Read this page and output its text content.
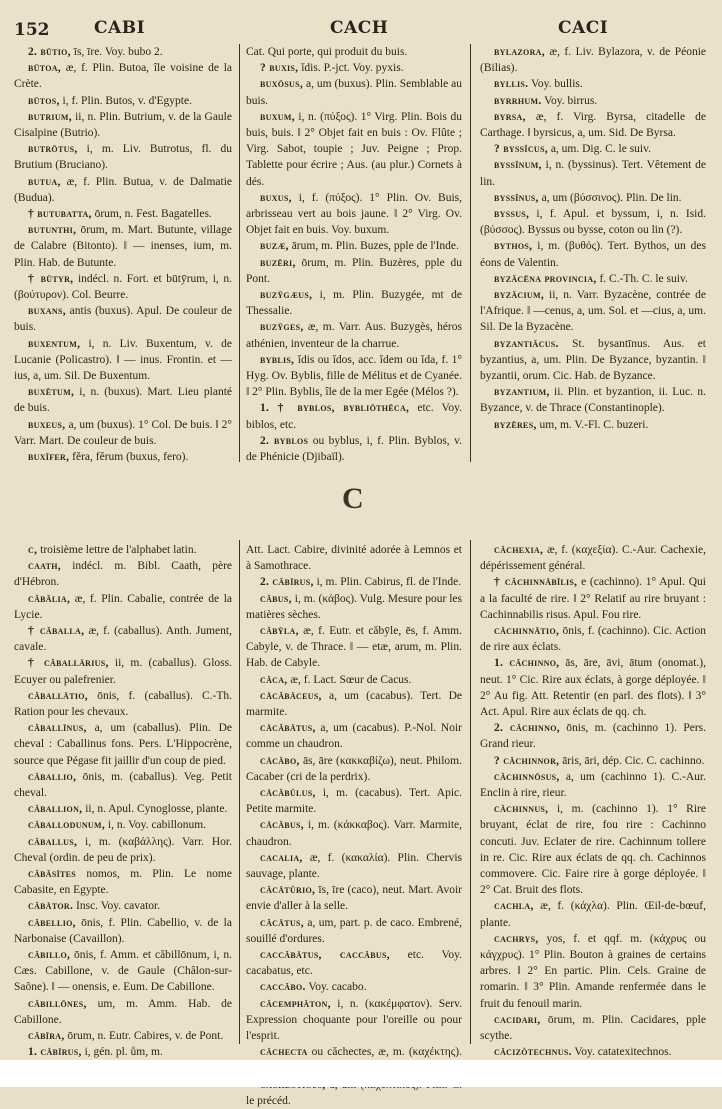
152	CABI	CACH	CACI

2. būtio, īs, īre. Voy. bubo 2.

būtoa, æ, f. Plin. Butoa, île voisine de la Crète.

būtos, i, f. Plin. Butos, v. d'Egypte.

butrium, ii, n. Plin. Butrium, v. de la Gaule Cisalpine (Butrio).

butrōtus, i, m. Liv. Butrotus, fl. du Brutium (Bruciano).

butua, æ, f. Plin. Butua, v. de Dalmatie (Budua).

† butubatta, ōrum, n. Fest. Bagatelles.

butunthi, ōrum, m. Mart. Butunte, village de Calabre (Bitonto). ‖ — inenses, ium, m. Plin. Hab. de Butunte.

† būtyr, indécl. n. Fort. et būtȳrum, i, n. (βούτυρον). Col. Beurre.

buxans, antis (buxus). Apul. De couleur de buis.

buxentum, i, n. Liv. Buxentum, v. de Lucanie (Policastro). ‖ — inus. Frontin. et — ius, a, um. Sil. De Buxentum.

buxētum, i, n. (buxus). Mart. Lieu planté de buis.

buxeus, a, um (buxus). 1° Col. De buis. ‖ 2° Varr. Mart. De couleur de buis.

buxĭfer, fĕra, fĕrum (buxus, fero).

Cat. Qui porte, qui produit du buis.

? buxis, ĭdis. P.-jct. Voy. pyxis.

buxōsus, a, um (buxus). Plin. Semblable au buis.

buxum, i, n. (πύξος). 1° Virg. Plin. Bois du buis, buis. ‖ 2° Objet fait en buis : Ov. Flûte ; Virg. Sabot, toupie ; Juv. Peigne ; Prop. Tablette pour écrire ; Aus. (au plur.) Cornets à dés.

buxus, i, f. (πύξος). 1° Plin. Ov. Buis, arbrisseau vert au bois jaune. ‖ 2° Virg. Ov. Objet fait en buis. Voy. buxum.

buzæ, ārum, m. Plin. Buzes, pple de l'Inde.

buzēri, ōrum, m. Plin. Buzères, pple du Pont.

buzȳgæus, i, m. Plin. Buzygée, mt de Thessalie.

buzȳges, æ, m. Varr. Aus. Buzygès, héros athénien, inventeur de la charrue.

byblis, ĭdis ou ĭdos, acc. ĭdem ou ĭda, f. 1° Hyg. Ov. Byblis, fille de Mélitus et de Cyanée. ‖ 2° Plin. Byblis, île de la mer Egée (Mélos ?).

1. † byblos, bybliōthēca, etc. Voy. biblos, etc.

2. byblos ou byblus, i, f. Plin. Byblos, v. de Phénicie (Djibaïl).

bylazora, æ, f. Liv. Bylazora, v. de Péonie (Bilias).

byllis. Voy. bullis.

byrrhum. Voy. birrus.

byrsa, æ, f. Virg. Byrsa, citadelle de Carthage. ‖ byrsicus, a, um. Sid. De Byrsa.

? byssĭcus, a, um. Dig. C. le suiv.

byssĭnum, i, n. (byssinus). Tert. Vêtement de lin.

byssĭnus, a, um (βύσσινος). Plin. De lin.

byssus, i, f. Apul. et byssum, i, n. Isid. (βύσσος). Byssus ou bysse, coton ou lin (?).

bythos, i, m. (βυθός). Tert. Bythos, un des éons de Valentin.

byzăcēna provincia, f. C.-Th. C. le suiv.

byzăcium, ii, n. Varr. Byzacène, contrée de l'Afrique. ‖ —cenus, a, um. Sol. et —cius, a, um. Sil. De la Byzacène.

byzantiăcus. St. bysantīnus. Aus. et byzantius, a, um. Plin. De Byzance, byzantin. ‖ byzantii, orum. Cic. Hab. de Byzance.

byzantium, ii. Plin. et byzantion, ii. Luc. n. Byzance, v. de Thrace (Constantinople).

byzēres, um, m. V.-Fl. C. buzeri.

C

c, troisième lettre de l'alphabet latin.

caath, indécl. m. Bibl. Caath, père d'Hébron.

căbălia, æ, f. Plin. Cabalie, contrée de la Lycie.

† căballa, æ, f. (caballus). Anth. Jument, cavale.

† căballārius, ii, m. (caballus). Gloss. Ecuyer ou palefrenier.

căballātio, ōnis, f. (caballus). C.-Th. Ration pour les chevaux.

căballīnus, a, um (caballus). Plin. De cheval : Caballinus fons. Pers. L'Hippocrène, source que Pégase fit jaillir d'un coup de pied.

căballio, ōnis, m. (caballus). Veg. Petit cheval.

căballion, ii, n. Apul. Cynoglosse, plante.

căballodunum, i, n. Voy. cabillonum.

căballus, i, m. (καβάλλης). Varr. Hor. Cheval (ordin. de peu de prix).

căbăsītes nomos, m. Plin. Le nome Cabasite, en Egypte.

căbātor. Insc. Voy. cavator.

căbellio, ōnis, f. Plin. Cabellio, v. de la Narbonaise (Cavaillon).

căbillo, ōnis, f. Amm. et căbillōnum, i, n. Cæs. Cabillone, v. de Gaule (Châlon-sur-Saône). ‖ — onensis, e. Eum. De Cabillone.

căbillōnes, um, m. Amm. Hab. de Cabillone.

căbīra, ōrum, n. Eutr. Cabires, v. de Pont.

1. căbīrus, i, gén. pl. ům, m.

Att. Lact. Cabire, divinité adorée à Lemnos et à Samothrace.

2. căbīrus, i, m. Plin. Cabirus, fl. de l'Inde.

căbus, i, m. (κάβος). Vulg. Mesure pour les matières sèches.

căbȳla, æ, f. Eutr. et căbȳle, ēs, f. Amm. Cabyle, v. de Thrace. ‖ — etæ, arum, m. Plin. Hab. de Cabyle.

căca, æ, f. Lact. Sœur de Cacus.

cācăbāceus, a, um (cacabus). Tert. De marmite.

cācăbātus, a, um (cacabus). P.-Nol. Noir comme un chaudron.

cācăbo, ās, āre (κακκαβίζω), neut. Philom. Cacaber (cri de la perdrix).

cācăbŭlus, i, m. (cacabus). Tert. Apic. Petite marmite.

cācăbus, i, m. (κάκκαβος). Varr. Marmite, chaudron.

cacalia, æ, f. (κακαλία). Plin. Chervis sauvage, plante.

căcātŭrio, īs, īre (caco), neut. Mart. Avoir envie d'aller à la selle.

căcātus, a, um, part. p. de caco. Embrené, souillé d'ordures.

caccăbātus, caccăbus, etc. Voy. cacabatus, etc.

caccăbo. Voy. cacabo.

căcemphăton, i, n. (κακέμφατον). Serv. Expression choquante pour l'oreille ou pour l'esprit.

căchecta ou căchectes, æ, m. (καχέκτης).

le précéd.

căchexia, æ, f. (καχεξία). C.-Aur. Cachexie, dépérissement général.

† căchinnābĭlis, e (cachinno). 1° Apul. Qui a la faculté de rire. ‖ 2° Relatif au rire bruyant : Cachinnabilis risus. Apul. Fou rire.

căchinnātio, ōnis, f. (cachinno). Cic. Action de rire aux éclats.

1. căchinno, ās, āre, āvi, ātum (onomat.), neut. 1° Cic. Rire aux éclats, à gorge déployée. ‖ 2° Au fig. Att. Retentir (en parl. des flots). ‖ 3° Act. Apul. Rire aux éclats de qq. ch.

2. căchinno, ōnis, m. (cachinno 1). Pers. Grand rieur.

? căchinnor, āris, āri, dép. Cic. C. cachinno.

căchinnōsus, a, um (cachinno 1). C.-Aur. Enclin à rire, rieur.

căchinnus, i, m. (cachinno 1). 1° Rire bruyant, éclat de rire, fou rire : Cachinno concuti. Juv. Eclater de rire. Cachinnum tollere in re. Cic. Rire aux éclats de qq. ch. Cachinnos commovere. Cic. Faire rire à gorge déployée. ‖ 2° Cat. Bruit des flots.

cachla, æ, f. (κάχλα). Plin. Œil-de-bœuf, plante.

cachrys, yos, f. et qqf. m. (κάχρυς ou κάγχρυς). 1° Plin. Bouton à graines de certains arbres. ‖ 2° En partic. Plin. Cels. Graine de romarin. ‖ 3° Plin. Amande renfermée dans le fruit du fenouil marin.

cacidari, ōrum, m. Plin. Cacidares, pple scythe.

căcizŏtechnus. Voy. catatexitechnos.
